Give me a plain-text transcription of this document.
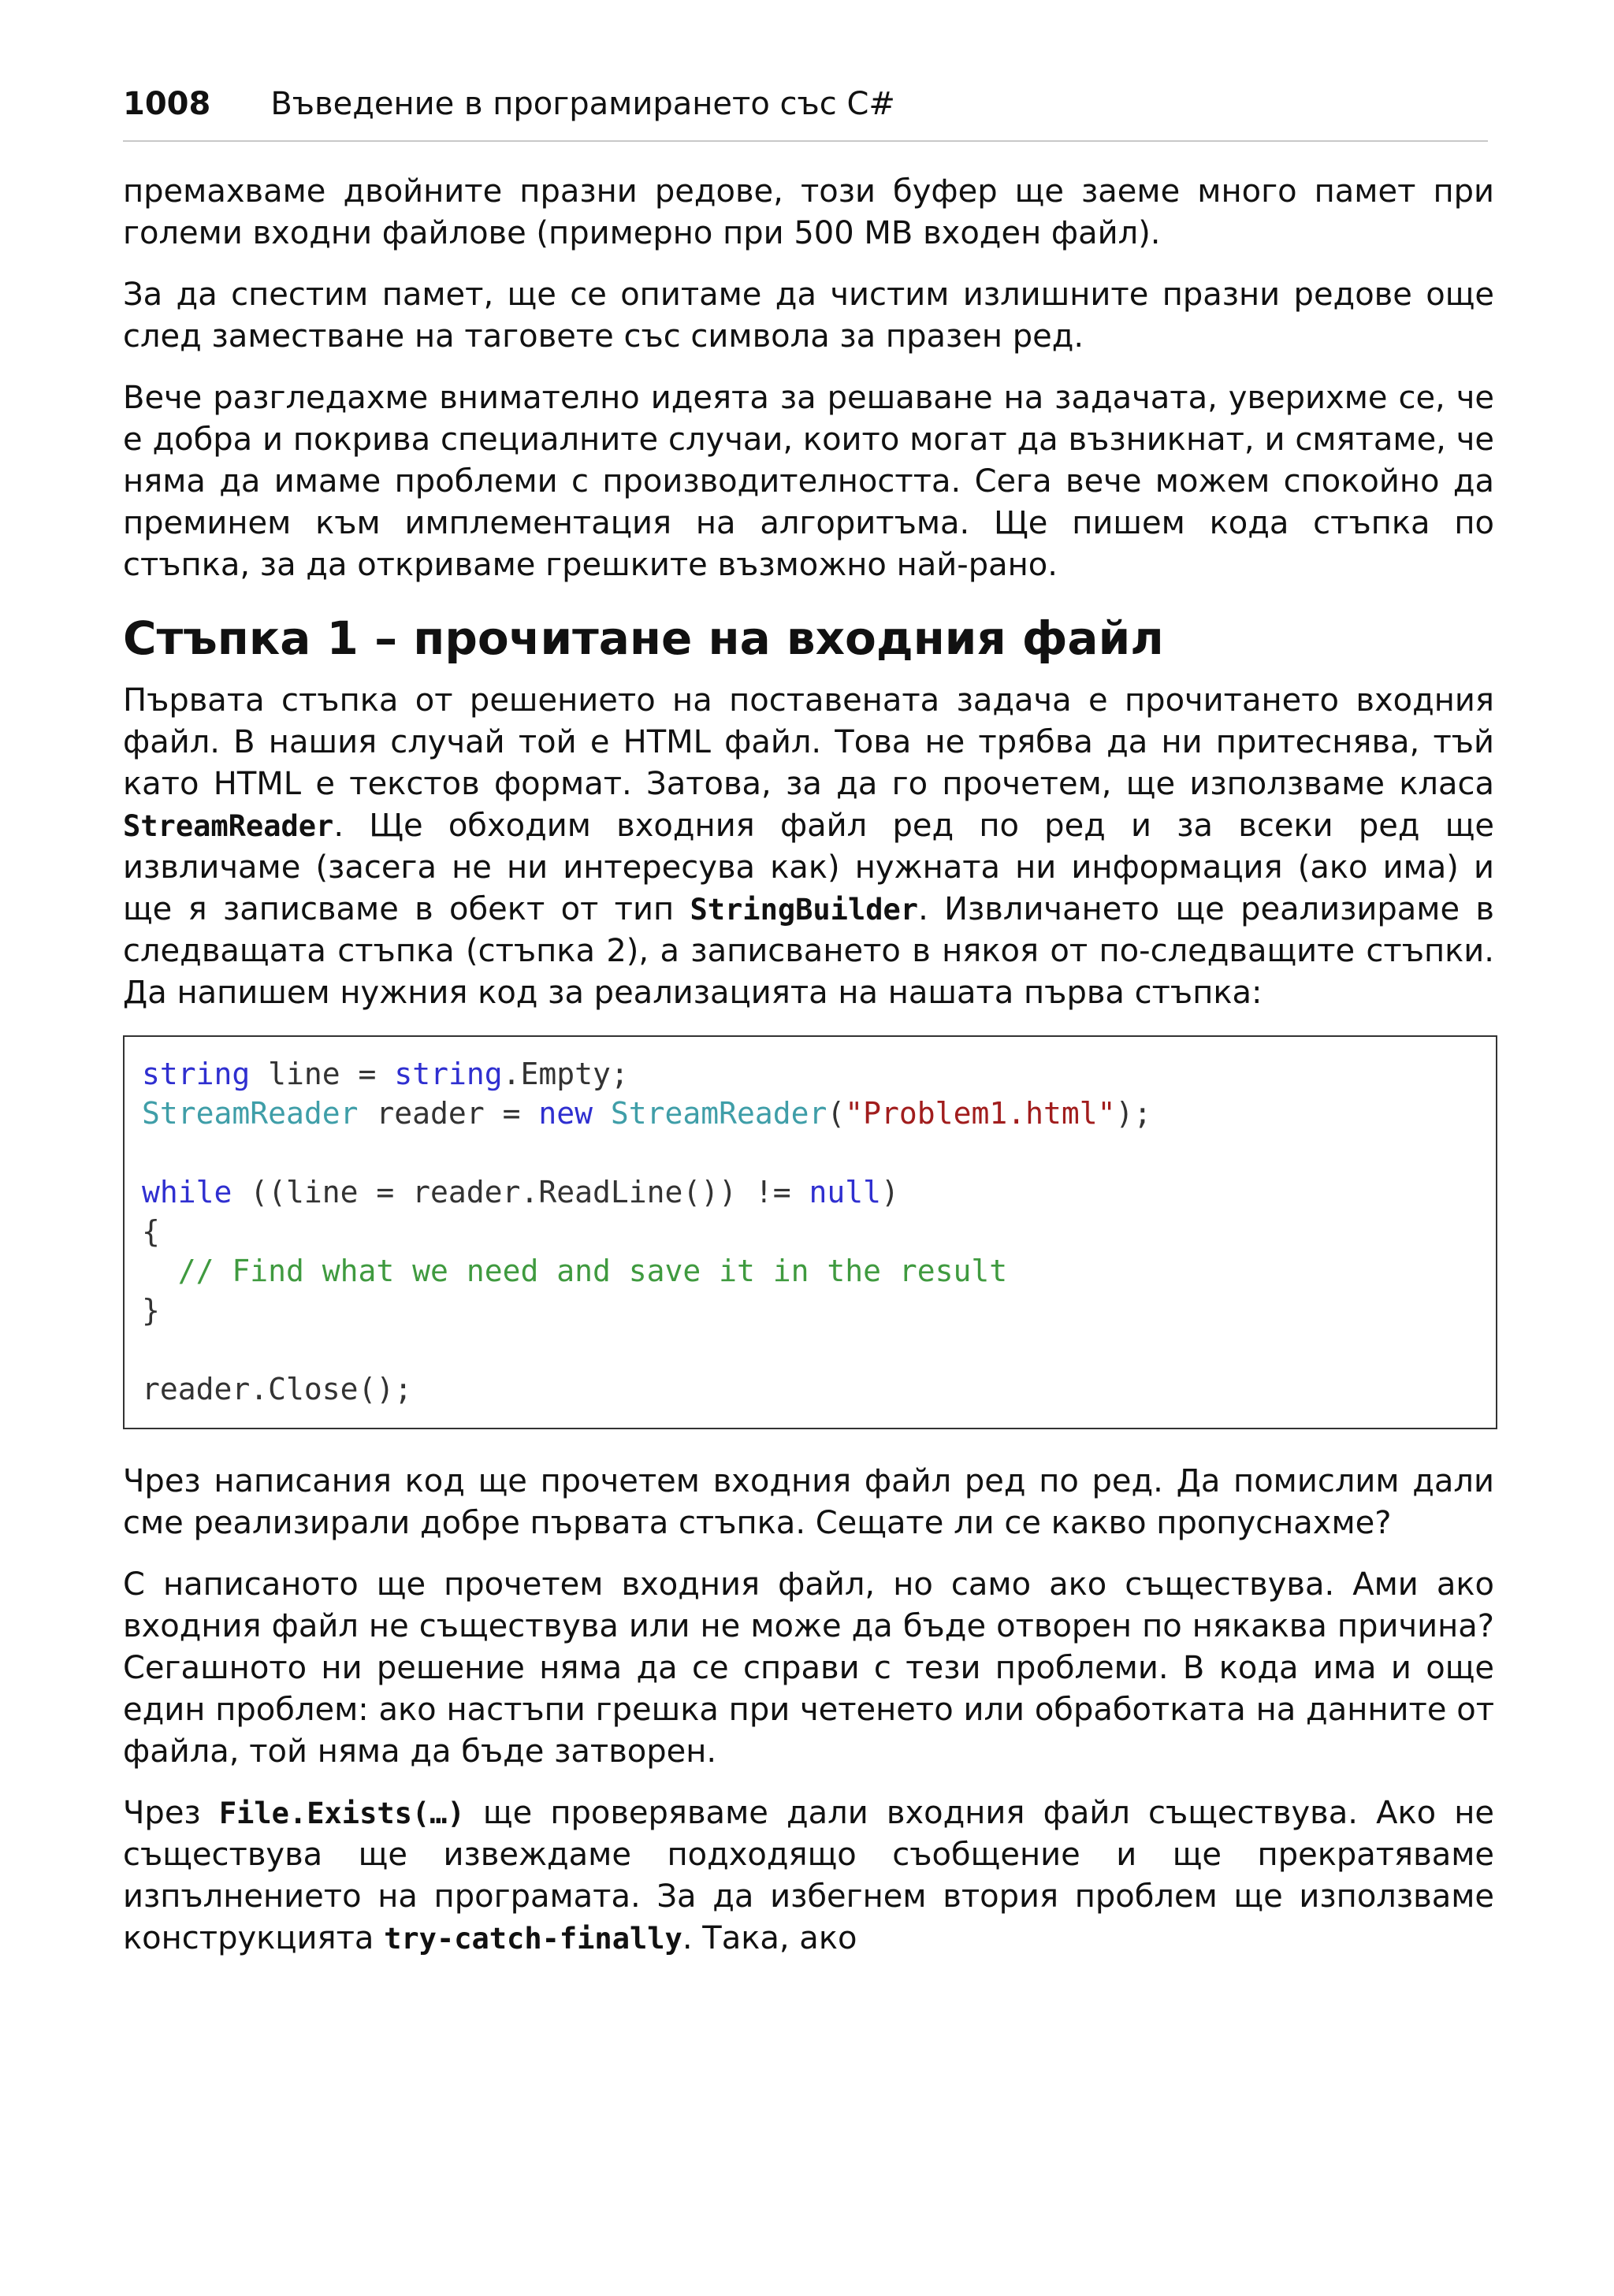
1008 Въведение в програмирането със C#

премахваме двойните празни редове, този буфер ще заеме много памет при големи входни файлове (примерно при 500 MB входен файл).

За да спестим памет, ще се опитаме да чистим излишните празни редове още след заместване на таговете със символа за празен ред.

Вече разгледахме внимателно идеята за решаване на задачата, уверихме се, че е добра и покрива специалните случаи, които могат да възникнат, и смятаме, че няма да имаме проблеми с производителността. Сега вече можем спокойно да преминем към имплементация на алгоритъма. Ще пишем кода стъпка по стъпка, за да откриваме грешките възможно най-рано.

Стъпка 1 – прочитане на входния файл

Първата стъпка от решението на поставената задача е прочитането входния файл. В нашия случай той е HTML файл. Това не трябва да ни притеснява, тъй като HTML е текстов формат. Затова, за да го прочетем, ще използваме класа StreamReader. Ще обходим входния файл ред по ред и за всеки ред ще извличаме (засега не ни интересува как) нужната ни информация (ако има) и ще я записваме в обект от тип StringBuilder. Извличането ще реализираме в следващата стъпка (стъпка 2), а записването в някоя от по-следващите стъпки. Да напишем нужния код за реализацията на нашата първа стъпка:

string line = string.Empty;
StreamReader reader = new StreamReader("Problem1.html");
while ((line = reader.ReadLine()) != null)
{
// Find what we need and save it in the result
}
reader.Close();

Чрез написания код ще прочетем входния файл ред по ред. Да помислим дали сме реализирали добре първата стъпка. Сещате ли се какво пропуснахме?

С написаното ще прочетем входния файл, но само ако съществува. Ами ако входния файл не съществува или не може да бъде отворен по някаква причина? Сегашното ни решение няма да се справи с тези проблеми. В кода има и още един проблем: ако настъпи грешка при четенето или обработката на данните от файла, той няма да бъде затворен.

Чрез File.Exists(…) ще проверяваме дали входния файл съществува. Ако не съществува ще извеждаме подходящо съобщение и ще прекратяваме изпълнението на програмата. За да избегнем втория проблем ще използваме конструкцията try-catch-finally. Така, ако
